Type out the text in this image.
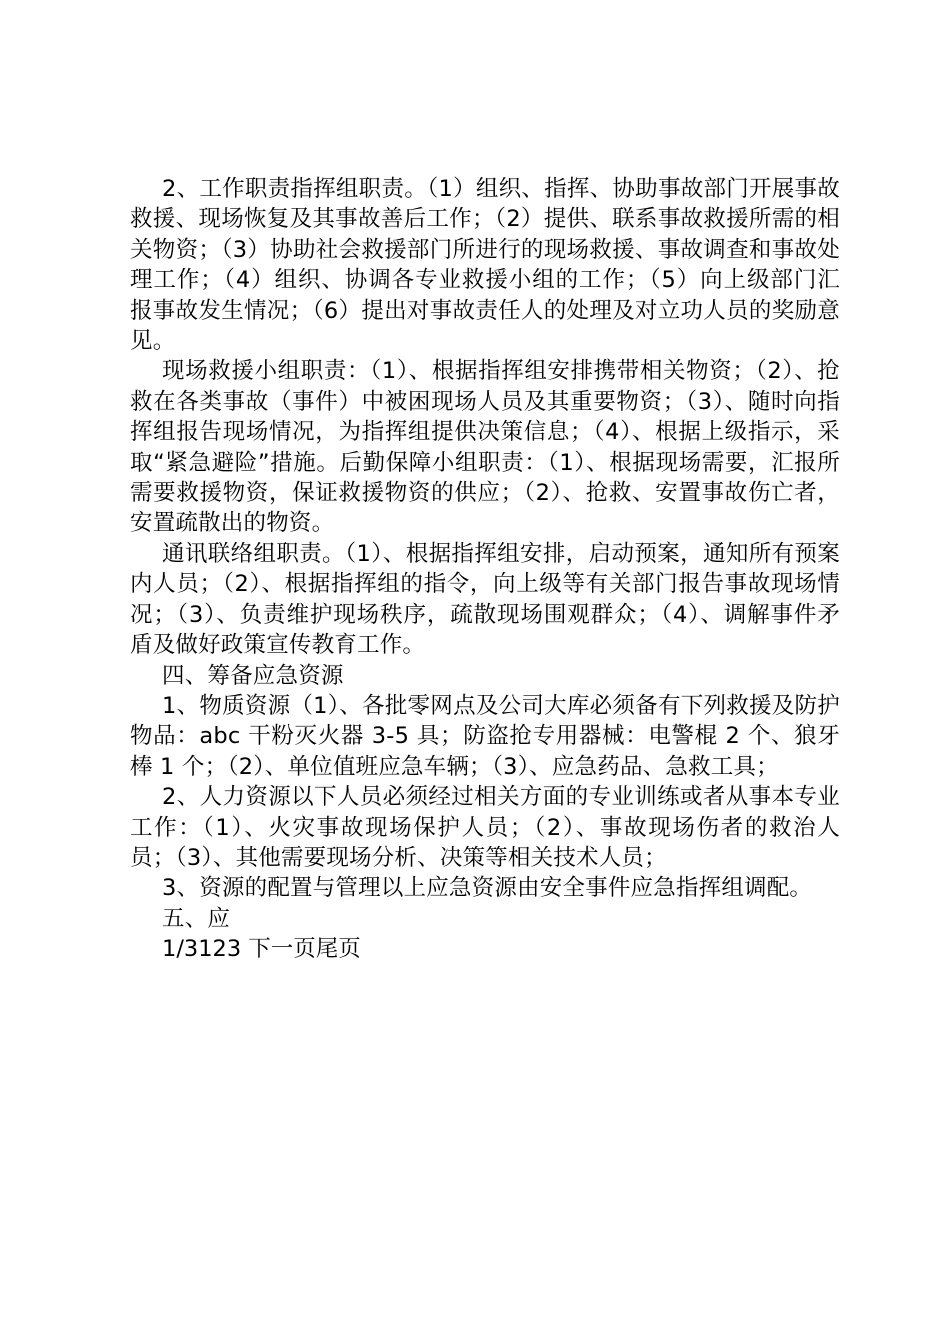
2、工作职责指挥组职责。（1）组织、指挥、协助事故部门开展事故救援、现场恢复及其事故善后工作；（2）提供、联系事故救援所需的相关物资；（3）协助社会救援部门所进行的现场救援、事故调查和事故处理工作；（4）组织、协调各专业救援小组的工作；（5）向上级部门汇报事故发生情况；（6）提出对事故责任人的处理及对立功人员的奖励意见。

现场救援小组职责：（1）、根据指挥组安排携带相关物资；（2）、抢救在各类事故（事件）中被困现场人员及其重要物资；（3）、随时向指挥组报告现场情况，为指挥组提供决策信息；（4）、根据上级指示，采取“紧急避险”措施。后勤保障小组职责：（1）、根据现场需要，汇报所需要救援物资，保证救援物资的供应；（2）、抢救、安置事故伤亡者，安置疏散出的物资。

通讯联络组职责。（1）、根据指挥组安排，启动预案，通知所有预案内人员；（2）、根据指挥组的指令，向上级等有关部门报告事故现场情况；（3）、负责维护现场秩序，疏散现场围观群众；（4）、调解事件矛盾及做好政策宣传教育工作。

四、筹备应急资源

1、物质资源（1）、各批零网点及公司大库必须备有下列救援及防护物品：abc 干粉灭火器 3-5 具；防盗抢专用器械：电警棍 2 个、狼牙棒 1 个；（2）、单位值班应急车辆；（3）、应急药品、急救工具；

2、人力资源以下人员必须经过相关方面的专业训练或者从事本专业工作：（1）、火灾事故现场保护人员；（2）、事故现场伤者的救治人员；（3）、其他需要现场分析、决策等相关技术人员；

3、资源的配置与管理以上应急资源由安全事件应急指挥组调配。

五、应

1/3123 下一页尾页
